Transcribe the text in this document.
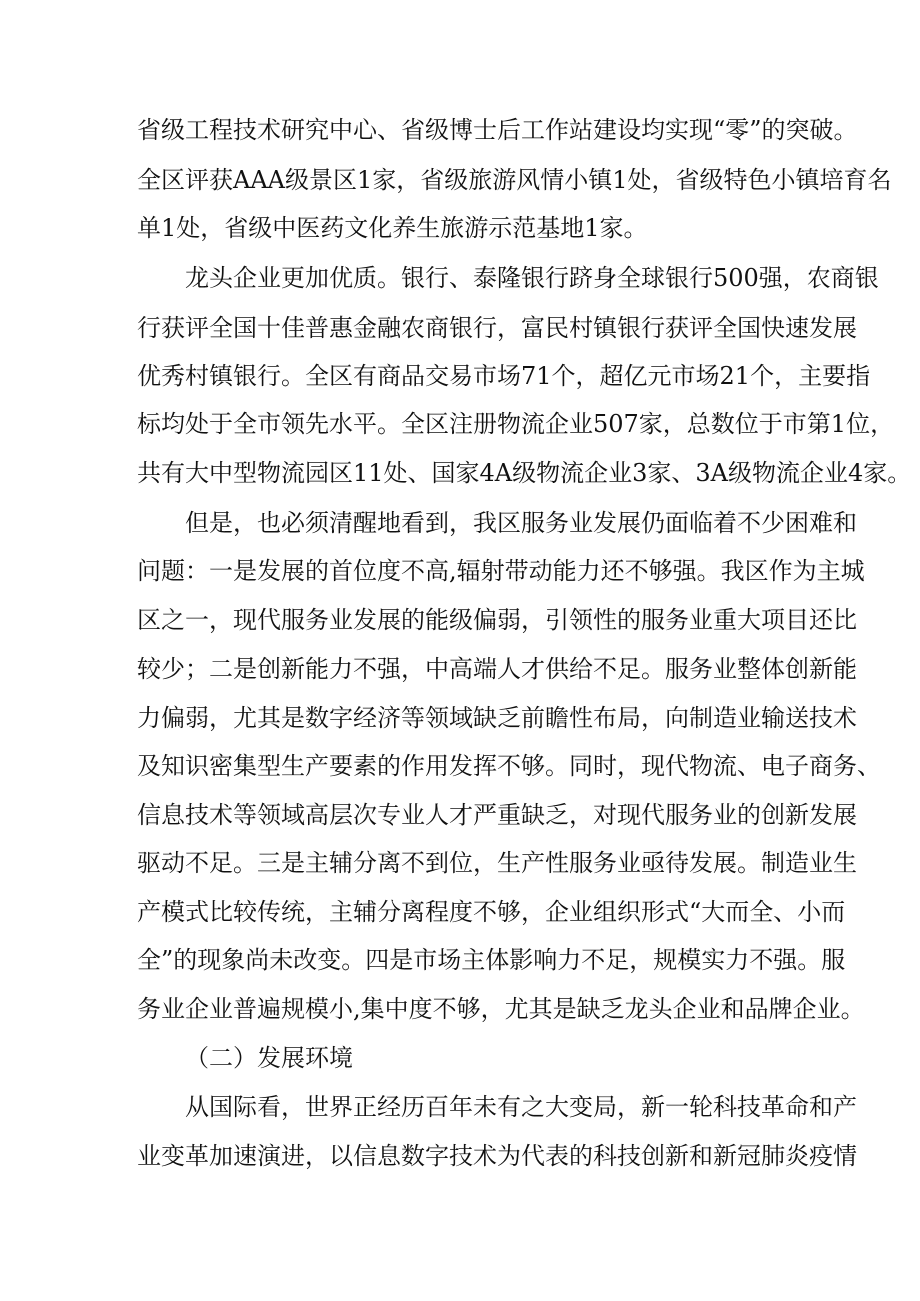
省级工程技术研究中心、省级博士后工作站建设均实现“零”的突破。
全区评获AAA级景区1家，省级旅游风情小镇1处，省级特色小镇培育名
单1处，省级中医药文化养生旅游示范基地1家。
龙头企业更加优质。银行、泰隆银行跻身全球银行500强，农商银
行获评全国十佳普惠金融农商银行，富民村镇银行获评全国快速发展
优秀村镇银行。全区有商品交易市场71个，超亿元市场21个，主要指
标均处于全市领先水平。全区注册物流企业507家，总数位于市第1位，
共有大中型物流园区11处、国家4A级物流企业3家、3A级物流企业4家。
但是，也必须清醒地看到，我区服务业发展仍面临着不少困难和
问题：一是发展的首位度不高,辐射带动能力还不够强。我区作为主城
区之一，现代服务业发展的能级偏弱，引领性的服务业重大项目还比
较少；二是创新能力不强，中高端人才供给不足。服务业整体创新能
力偏弱，尤其是数字经济等领域缺乏前瞻性布局，向制造业输送技术
及知识密集型生产要素的作用发挥不够。同时，现代物流、电子商务、
信息技术等领域高层次专业人才严重缺乏，对现代服务业的创新发展
驱动不足。三是主辅分离不到位，生产性服务业亟待发展。制造业生
产模式比较传统，主辅分离程度不够，企业组织形式“大而全、小而
全”的现象尚未改变。四是市场主体影响力不足，规模实力不强。服
务业企业普遍规模小,集中度不够，尤其是缺乏龙头企业和品牌企业。
（二）发展环境
从国际看，世界正经历百年未有之大变局，新一轮科技革命和产
业变革加速演进，以信息数字技术为代表的科技创新和新冠肺炎疫情
